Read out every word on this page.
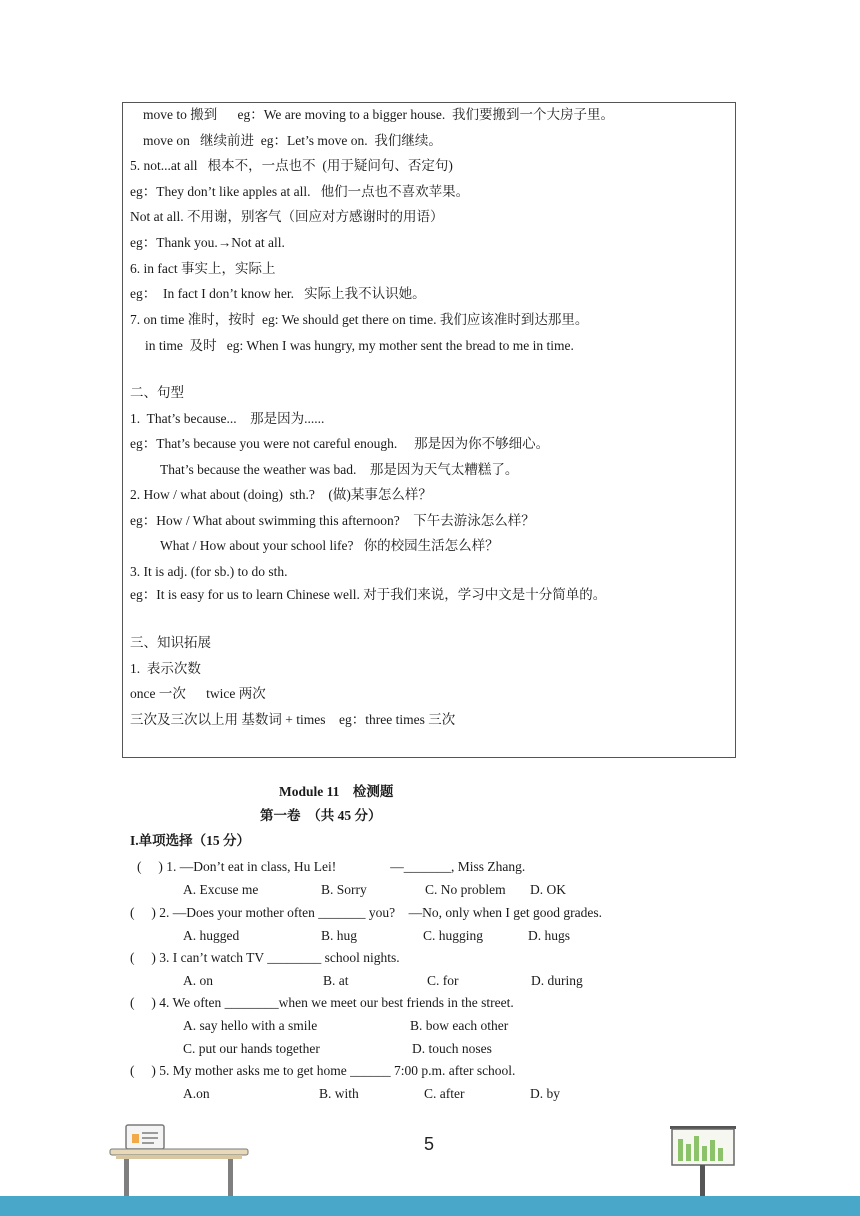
move to 搬到      eg：We are moving to a bigger house.  我们要搬到一个大房子里。
move on   继续前进  eg：Let’s move on.  我们继续。
5. not...at all   根本不，一点也不  (用于疑问句、否定句)
eg：They don’t like apples at all.   他们一点也不喜欢苹果。
Not at all. 不用谢，别客气（回应对方感谢时的用语）
eg：Thank you.→Not at all.
6. in fact 事实上，实际上
eg：  In fact I don’t know her.   实际上我不认识她。
7. on time 准时，按时  eg: We should get there on time. 我们应该准时到达那里。
in time  及时   eg: When I was hungry, my mother sent the bread to me in time.
二、句型
1.  That’s because...    那是因为......
eg：That’s because you were not careful enough.     那是因为你不够细心。
That’s because the weather was bad.    那是因为天气太糟糕了。
2. How / what about (doing)  sth.?    (做)某事怎么样？
eg：How / What about swimming this afternoon?    下午去游泳怎么样？
What / How about your school life?   你的校园生活怎么样？
3. It is adj. (for sb.) to do sth.
eg：It is easy for us to learn Chinese well. 对于我们来说，学习中文是十分简单的。
三、知识拓展
1.  表示次数
once 一次      twice 两次
三次及三次以上用 基数词 + times    eg：three times 三次
Module 11    检测题
第一卷  （共 45 分）
I.单项选择（15 分）
(     ) 1. —Don’t eat in class, Hu Lei!                —_______, Miss Zhang.
A. Excuse me	B. Sorry	C. No problem D. OK
(     ) 2. —Does your mother often _______ you?    —No, only when I get good grades.
A. hugged	B. hug	C. hugging	D. hugs
(     ) 3. I can’t watch TV ________ school nights.
A. on	B. at	C. for	D. during
(     ) 4. We often ________when we meet our best friends in the street.
A. say hello with a smile	B. bow each other
C. put our hands together	D. touch noses
(     ) 5. My mother asks me to get home ______ 7:00 p.m. after school.
A.on	B. with	C. after	D. by
5
